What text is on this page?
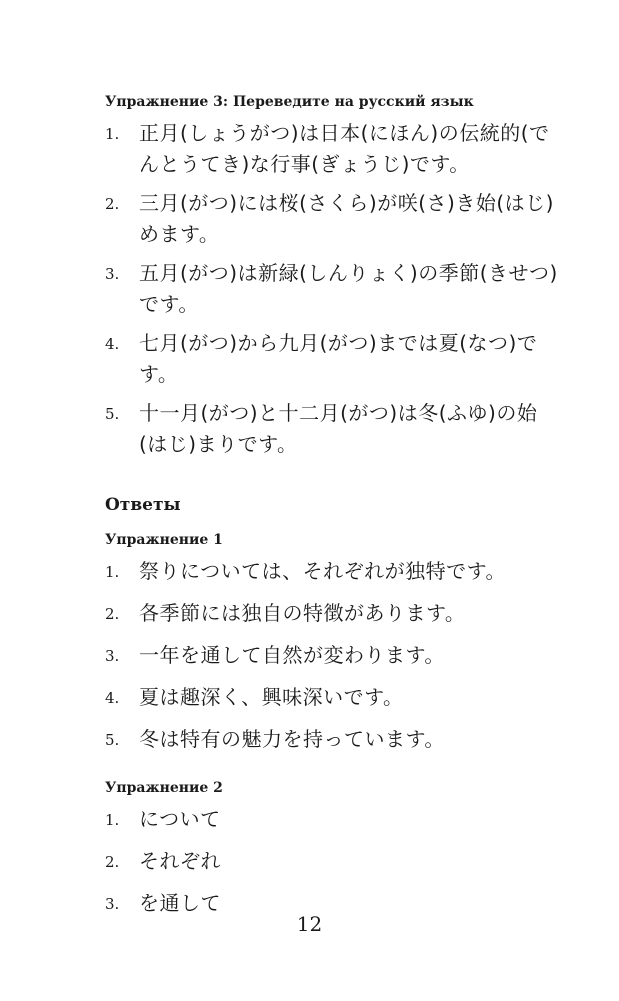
Упражнение 3: Переведите на русский язык
1. 正月(しょうがつ)は日本(にほん)の伝統的(でんとうてき)な行事(ぎょうじ)です。
2. 三月(がつ)には桜(さくら)が咲(さ)き始(はじ)めます。
3. 五月(がつ)は新緑(しんりょく)の季節(きせつ)です。
4. 七月(がつ)から九月(がつ)までは夏(なつ)です。
5. 十一月(がつ)と十二月(がつ)は冬(ふゆ)の始(はじ)まりです。
Ответы
Упражнение 1
1. 祭りについては、それぞれが独特です。
2. 各季節には独自の特徴があります。
3. 一年を通して自然が変わります。
4. 夏は趣深く、興味深いです。
5. 冬は特有の魅力を持っています。
Упражнение 2
1. について
2. それぞれ
3. を通して
12
